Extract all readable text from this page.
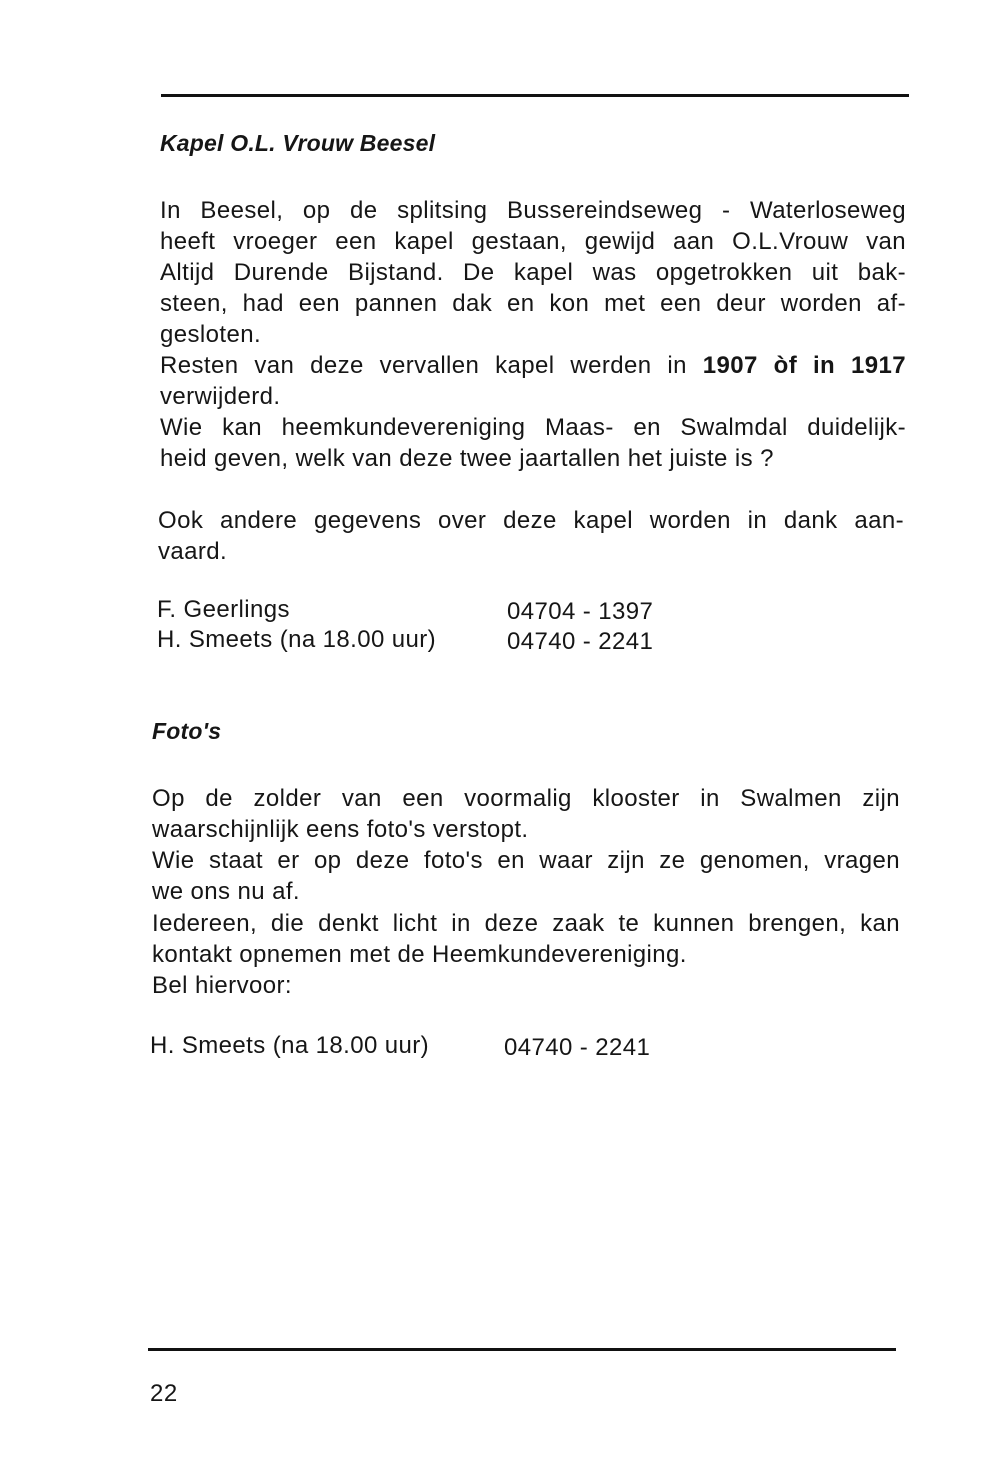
Kapel O.L. Vrouw Beesel
In Beesel, op de splitsing Bussereindseweg - Waterloseweg
heeft vroeger een kapel gestaan, gewijd aan O.L.Vrouw van
Altijd Durende Bijstand. De kapel was opgetrokken uit bak-
steen, had een pannen dak en kon met een deur worden af-
gesloten.
Resten van deze vervallen kapel werden in 1907 òf in 1917
verwijderd.
Wie kan heemkundevereniging Maas- en Swalmdal duidelijk-
heid geven, welk van deze twee jaartallen het juiste is ?
Ook andere gegevens over deze kapel worden in dank aan-
vaard.
F. Geerlings	04704 - 1397
H. Smeets (na 18.00 uur)	04740 - 2241
Foto's
Op de zolder van een voormalig klooster in Swalmen zijn
waarschijnlijk eens foto's verstopt.
Wie staat er op deze foto's en waar zijn ze genomen, vragen
we ons nu af.
Iedereen, die denkt licht in deze zaak te kunnen brengen, kan
kontakt opnemen met de Heemkundevereniging.
Bel hiervoor:
H. Smeets (na 18.00 uur)	04740 - 2241
22
